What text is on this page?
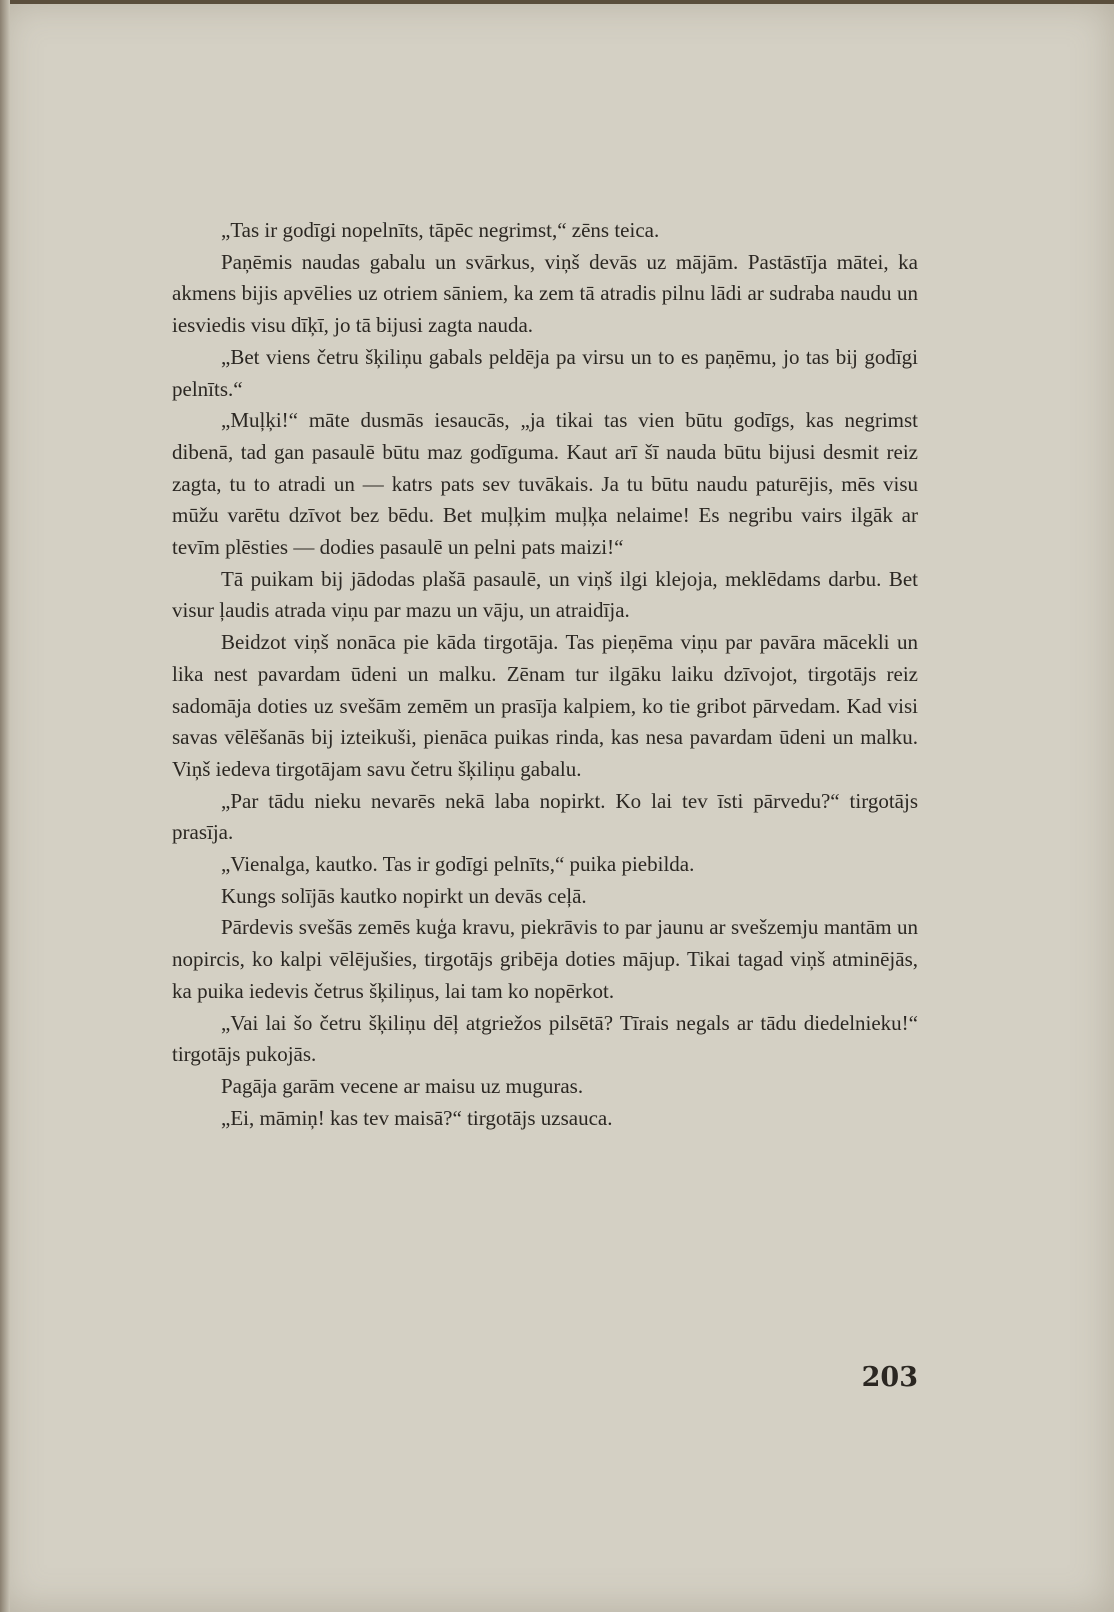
„Tas ir godīgi nopelnīts, tāpēc negrimst,“ zēns teica.

Paņēmis naudas gabalu un svārkus, viņš devās uz mājām. Pastāstīja mātei, ka akmens bijis apvēlies uz otriem sāniem, ka zem tā atradis pilnu lādi ar sudraba naudu un iesviedis visu dīķī, jo tā bijusi zagta nauda.

„Bet viens četru šķiliņu gabals peldēja pa virsu un to es paņēmu, jo tas bij godīgi pelnīts.“

„Muļķi!“ māte dusmās iesaucās, „ja tikai tas vien būtu godīgs, kas negrimst dibenā, tad gan pasaulē būtu maz godīguma. Kaut arī šī nauda būtu bijusi desmit reiz zagta, tu to atradi un — katrs pats sev tuvākais. Ja tu būtu naudu paturējis, mēs visu mūžu varētu dzīvot bez bēdu. Bet muļķim muļķa nelaime! Es negribu vairs ilgāk ar tevīm plēsties — dodies pasaulē un pelni pats maizi!“

Tā puikam bij jādodas plašā pasaulē, un viņš ilgi klejoja, meklēdams darbu. Bet visur ļaudis atrada viņu par mazu un vāju, un atraidīja.

Beidzot viņš nonāca pie kāda tirgotāja. Tas pieņēma viņu par pavāra mācekli un lika nest pavardam ūdeni un malku. Zēnam tur ilgāku laiku dzīvojot, tirgotājs reiz sadomāja doties uz svešām zemēm un prasīja kalpiem, ko tie gribot pārvedam. Kad visi savas vēlēšanās bij izteikuši, pienāca puikas rinda, kas nesa pavardam ūdeni un malku. Viņš iedeva tirgotājam savu četru šķiliņu gabalu.

„Par tādu nieku nevarēs nekā laba nopirkt. Ko lai tev īsti pārvedu?“ tirgotājs prasīja.

„Vienalga, kautko. Tas ir godīgi pelnīts,“ puika piebilda.

Kungs solījās kautko nopirkt un devās ceļā.

Pārdevis svešās zemēs kuģa kravu, piekrāvis to par jaunu ar svešzemju mantām un nopircis, ko kalpi vēlējušies, tirgotājs gribēja doties mājup. Tikai tagad viņš atminējās, ka puika iedevis četrus šķiliņus, lai tam ko nopērkot.

„Vai lai šo četru šķiliņu dēļ atgriežos pilsētā? Tīrais negals ar tādu diedelnieku!“ tirgotājs pukojās.

Pagāja garām vecene ar maisu uz muguras.

„Ei, māmiņ! kas tev maisā?“ tirgotājs uzsauca.

203
